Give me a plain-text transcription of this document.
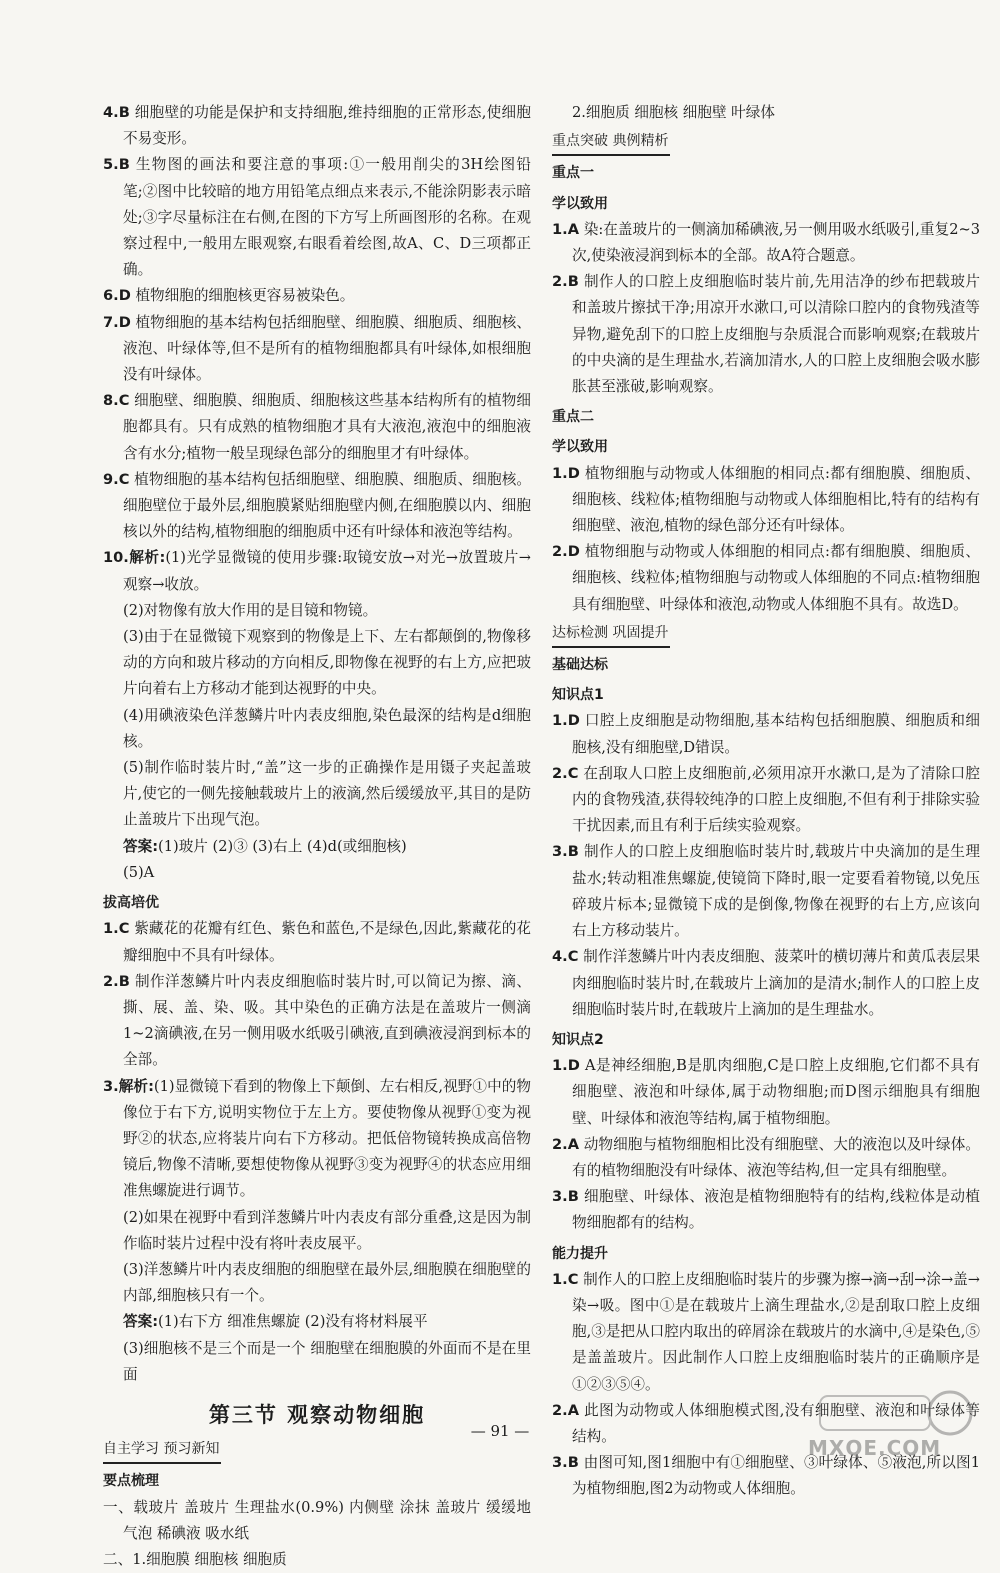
4.B 细胞壁的功能是保护和支持细胞,维持细胞的正常形态,使细胞不易变形。

5.B 生物图的画法和要注意的事项:①一般用削尖的3H绘图铅笔;②图中比较暗的地方用铅笔点细点来表示,不能涂阴影表示暗处;③字尽量标注在右侧,在图的下方写上所画图形的名称。在观察过程中,一般用左眼观察,右眼看着绘图,故A、C、D三项都正确。

6.D 植物细胞的细胞核更容易被染色。

7.D 植物细胞的基本结构包括细胞壁、细胞膜、细胞质、细胞核、液泡、叶绿体等,但不是所有的植物细胞都具有叶绿体,如根细胞没有叶绿体。

8.C 细胞壁、细胞膜、细胞质、细胞核这些基本结构所有的植物细胞都具有。只有成熟的植物细胞才具有大液泡,液泡中的细胞液含有水分;植物一般呈现绿色部分的细胞里才有叶绿体。

9.C 植物细胞的基本结构包括细胞壁、细胞膜、细胞质、细胞核。细胞壁位于最外层,细胞膜紧贴细胞壁内侧,在细胞膜以内、细胞核以外的结构,植物细胞的细胞质中还有叶绿体和液泡等结构。

10.解析:(1)光学显微镜的使用步骤:取镜安放→对光→放置玻片→观察→收放。

(2)对物像有放大作用的是目镜和物镜。

(3)由于在显微镜下观察到的物像是上下、左右都颠倒的,物像移动的方向和玻片移动的方向相反,即物像在视野的右上方,应把玻片向着右上方移动才能到达视野的中央。

(4)用碘液染色洋葱鳞片叶内表皮细胞,染色最深的结构是d细胞核。

(5)制作临时装片时,“盖”这一步的正确操作是用镊子夹起盖玻片,使它的一侧先接触载玻片上的液滴,然后缓缓放平,其目的是防止盖玻片下出现气泡。

答案:(1)玻片 (2)③ (3)右上 (4)d(或细胞核)

(5)A

拔高培优

1.C 紫藏花的花瓣有红色、紫色和蓝色,不是绿色,因此,紫藏花的花瓣细胞中不具有叶绿体。

2.B 制作洋葱鳞片叶内表皮细胞临时装片时,可以简记为擦、滴、撕、展、盖、染、吸。其中染色的正确方法是在盖玻片一侧滴1~2滴碘液,在另一侧用吸水纸吸引碘液,直到碘液浸润到标本的全部。

3.解析:(1)显微镜下看到的物像上下颠倒、左右相反,视野①中的物像位于右下方,说明实物位于左上方。要使物像从视野①变为视野②的状态,应将装片向右下方移动。把低倍物镜转换成高倍物镜后,物像不清晰,要想使物像从视野③变为视野④的状态应用细准焦螺旋进行调节。

(2)如果在视野中看到洋葱鳞片叶内表皮有部分重叠,这是因为制作临时装片过程中没有将叶表皮展平。

(3)洋葱鳞片叶内表皮细胞的细胞壁在最外层,细胞膜在细胞壁的内部,细胞核只有一个。

答案:(1)右下方 细准焦螺旋 (2)没有将材料展平

(3)细胞核不是三个而是一个 细胞壁在细胞膜的外面而不是在里面

第三节 观察动物细胞

自主学习 预习新知

要点梳理

一、载玻片 盖玻片 生理盐水(0.9%) 内侧壁 涂抹 盖玻片 缓缓地 气泡 稀碘液 吸水纸

二、1.细胞膜 细胞核 细胞质

2.细胞质 细胞核 细胞壁 叶绿体

重点突破 典例精析

重点一

学以致用

1.A 染:在盖玻片的一侧滴加稀碘液,另一侧用吸水纸吸引,重复2~3次,使染液浸润到标本的全部。故A符合题意。

2.B 制作人的口腔上皮细胞临时装片前,先用洁净的纱布把载玻片和盖玻片擦拭干净;用凉开水漱口,可以清除口腔内的食物残渣等异物,避免刮下的口腔上皮细胞与杂质混合而影响观察;在载玻片的中央滴的是生理盐水,若滴加清水,人的口腔上皮细胞会吸水膨胀甚至涨破,影响观察。

重点二

学以致用

1.D 植物细胞与动物或人体细胞的相同点:都有细胞膜、细胞质、细胞核、线粒体;植物细胞与动物或人体细胞相比,特有的结构有细胞壁、液泡,植物的绿色部分还有叶绿体。

2.D 植物细胞与动物或人体细胞的相同点:都有细胞膜、细胞质、细胞核、线粒体;植物细胞与动物或人体细胞的不同点:植物细胞具有细胞壁、叶绿体和液泡,动物或人体细胞不具有。故选D。

达标检测 巩固提升

基础达标

知识点1

1.D 口腔上皮细胞是动物细胞,基本结构包括细胞膜、细胞质和细胞核,没有细胞壁,D错误。

2.C 在刮取人口腔上皮细胞前,必须用凉开水漱口,是为了清除口腔内的食物残渣,获得较纯净的口腔上皮细胞,不但有利于排除实验干扰因素,而且有利于后续实验观察。

3.B 制作人的口腔上皮细胞临时装片时,载玻片中央滴加的是生理盐水;转动粗准焦螺旋,使镜筒下降时,眼一定要看着物镜,以免压碎玻片标本;显微镜下成的是倒像,物像在视野的右上方,应该向右上方移动装片。

4.C 制作洋葱鳞片叶内表皮细胞、菠菜叶的横切薄片和黄瓜表层果肉细胞临时装片时,在载玻片上滴加的是清水;制作人的口腔上皮细胞临时装片时,在载玻片上滴加的是生理盐水。

知识点2

1.D A是神经细胞,B是肌肉细胞,C是口腔上皮细胞,它们都不具有细胞壁、液泡和叶绿体,属于动物细胞;而D图示细胞具有细胞壁、叶绿体和液泡等结构,属于植物细胞。

2.A 动物细胞与植物细胞相比没有细胞壁、大的液泡以及叶绿体。有的植物细胞没有叶绿体、液泡等结构,但一定具有细胞壁。

3.B 细胞壁、叶绿体、液泡是植物细胞特有的结构,线粒体是动植物细胞都有的结构。

能力提升

1.C 制作人的口腔上皮细胞临时装片的步骤为擦→滴→刮→涂→盖→染→吸。图中①是在载玻片上滴生理盐水,②是刮取口腔上皮细胞,③是把从口腔内取出的碎屑涂在载玻片的水滴中,④是染色,⑤是盖盖玻片。因此制作人口腔上皮细胞临时装片的正确顺序是①②③⑤④。

2.A 此图为动物或人体细胞模式图,没有细胞壁、液泡和叶绿体等结构。

3.B 由图可知,图1细胞中有①细胞壁、③叶绿体、⑤液泡,所以图1为植物细胞,图2为动物或人体细胞。

— 91 —
MXQE.COM
